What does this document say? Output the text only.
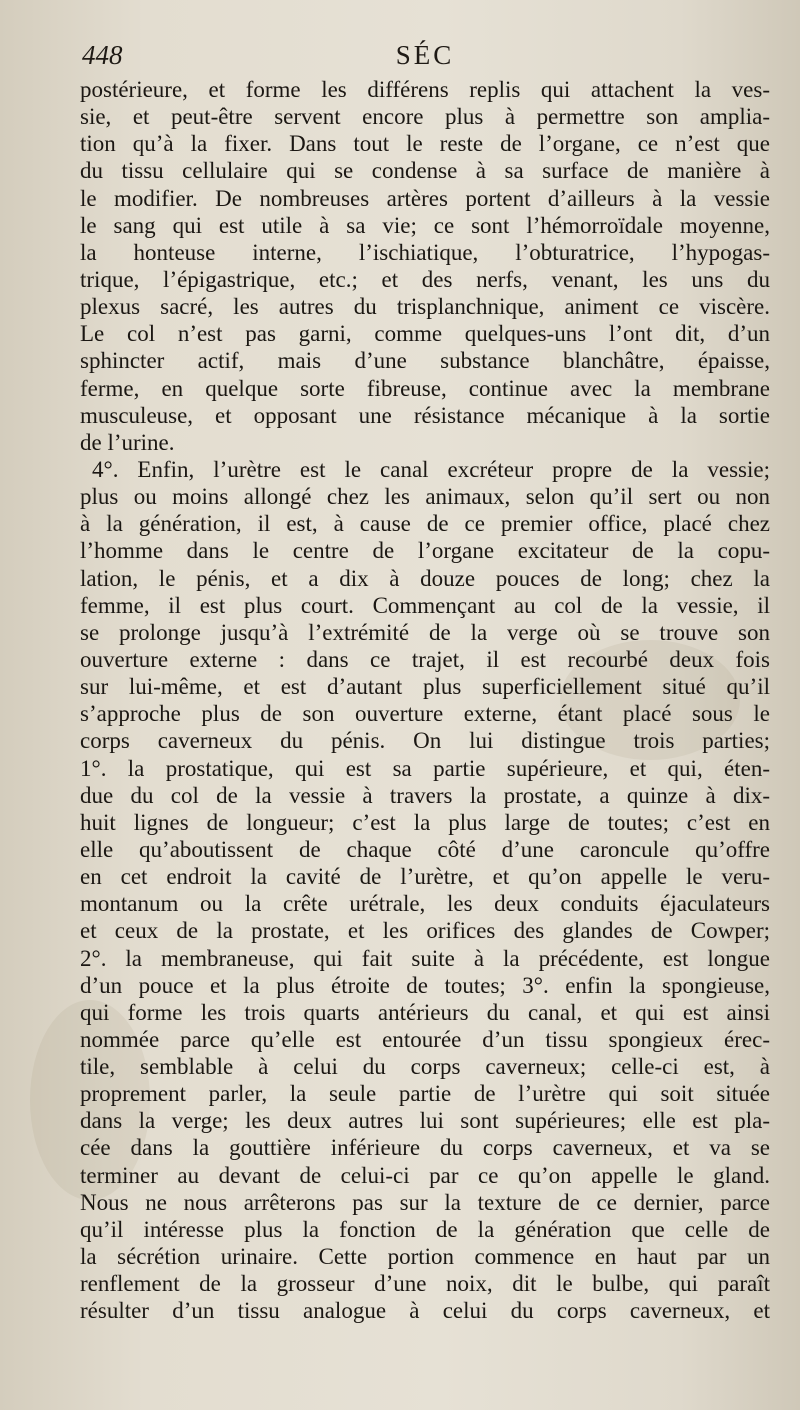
448	SÉC
postérieure, et forme les différens replis qui attachent la ves-
sie, et peut-être servent encore plus à permettre son amplia-
tion qu’à la fixer. Dans tout le reste de l’organe, ce n’est que
du tissu cellulaire qui se condense à sa surface de manière à
le modifier. De nombreuses artères portent d’ailleurs à la vessie
le sang qui est utile à sa vie; ce sont l’hémorroïdale moyenne,
la honteuse interne, l’ischiatique, l’obturatrice, l’hypogas-
trique, l’épigastrique, etc.; et des nerfs, venant, les uns du
plexus sacré, les autres du trisplanchnique, animent ce viscère.
Le col n’est pas garni, comme quelques-uns l’ont dit, d’un
sphincter actif, mais d’une substance blanchâtre, épaisse,
ferme, en quelque sorte fibreuse, continue avec la membrane
musculeuse, et opposant une résistance mécanique à la sortie
de l’urine.
4°. Enfin, l’urètre est le canal excréteur propre de la vessie;
plus ou moins allongé chez les animaux, selon qu’il sert ou non
à la génération, il est, à cause de ce premier office, placé chez
l’homme dans le centre de l’organe excitateur de la copu-
lation, le pénis, et a dix à douze pouces de long; chez la
femme, il est plus court. Commençant au col de la vessie, il
se prolonge jusqu’à l’extrémité de la verge où se trouve son
ouverture externe : dans ce trajet, il est recourbé deux fois
sur lui-même, et est d’autant plus superficiellement situé qu’il
s’approche plus de son ouverture externe, étant placé sous le
corps caverneux du pénis. On lui distingue trois parties;
1°. la prostatique, qui est sa partie supérieure, et qui, éten-
due du col de la vessie à travers la prostate, a quinze à dix-
huit lignes de longueur; c’est la plus large de toutes; c’est en
elle qu’aboutissent de chaque côté d’une caroncule qu’offre
en cet endroit la cavité de l’urètre, et qu’on appelle le veru-
montanum ou la crête urétrale, les deux conduits éjaculateurs
et ceux de la prostate, et les orifices des glandes de Cowper;
2°. la membraneuse, qui fait suite à la précédente, est longue
d’un pouce et la plus étroite de toutes; 3°. enfin la spongieuse,
qui forme les trois quarts antérieurs du canal, et qui est ainsi
nommée parce qu’elle est entourée d’un tissu spongieux érec-
tile, semblable à celui du corps caverneux; celle-ci est, à
proprement parler, la seule partie de l’urètre qui soit située
dans la verge; les deux autres lui sont supérieures; elle est pla-
cée dans la gouttière inférieure du corps caverneux, et va se
terminer au devant de celui-ci par ce qu’on appelle le gland.
Nous ne nous arrêterons pas sur la texture de ce dernier, parce
qu’il intéresse plus la fonction de la génération que celle de
la sécrétion urinaire. Cette portion commence en haut par un
renflement de la grosseur d’une noix, dit le bulbe, qui paraît
résulter d’un tissu analogue à celui du corps caverneux, et
